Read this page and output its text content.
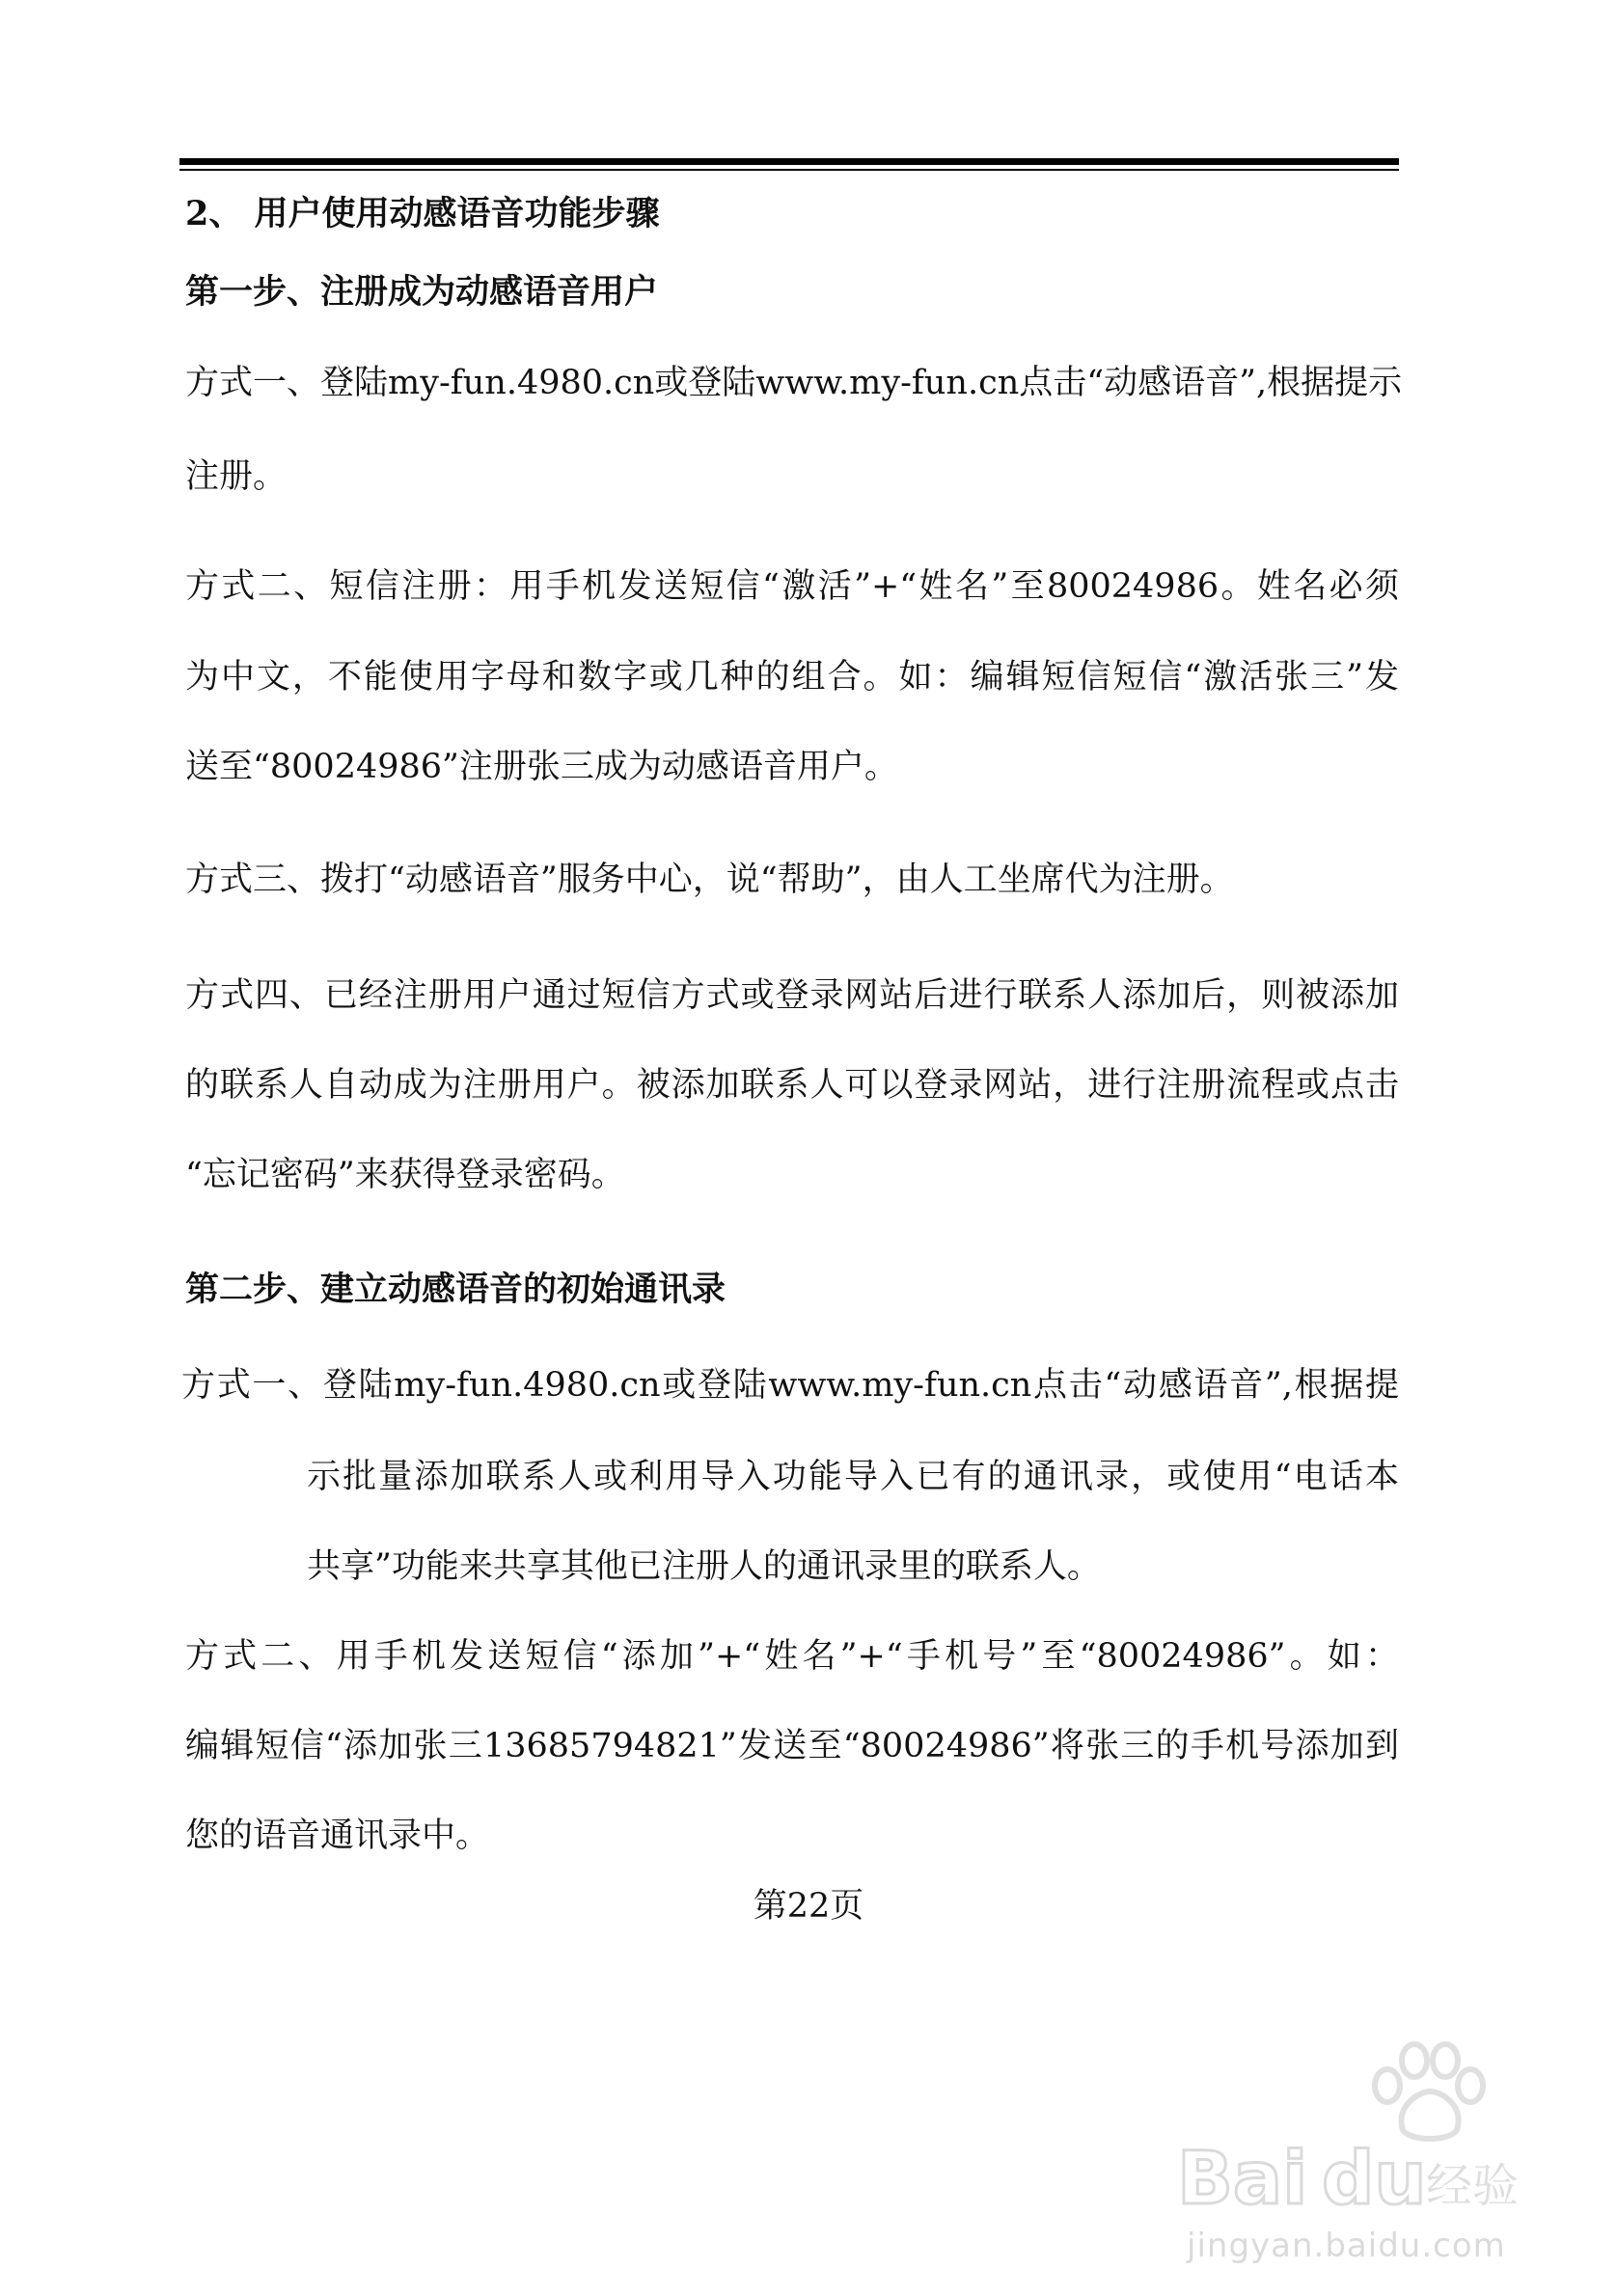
2、 用户使用动感语音功能步骤
第一步、注册成为动感语音用户
方式一、登陆my-fun.4980.cn或登陆www.my-fun.cn点击“动感语音”,根据提示
注册。
方式二、短信注册：用手机发送短信“激活”+“姓名”至80024986。姓名必须
为中文，不能使用字母和数字或几种的组合。如：编辑短信短信“激活张三”发
送至“80024986”注册张三成为动感语音用户。
方式三、拨打“动感语音”服务中心，说“帮助”，由人工坐席代为注册。
方式四、已经注册用户通过短信方式或登录网站后进行联系人添加后，则被添加
的联系人自动成为注册用户。被添加联系人可以登录网站，进行注册流程或点击
“忘记密码”来获得登录密码。
第二步、建立动感语音的初始通讯录
方式一、登陆my-fun.4980.cn或登陆www.my-fun.cn点击“动感语音”,根据提
示批量添加联系人或利用导入功能导入已有的通讯录，或使用“电话本
共享”功能来共享其他已注册人的通讯录里的联系人。
方式二、用手机发送短信“添加”+“姓名”+“手机号”至“80024986”。如：
编辑短信“添加张三13685794821”发送至“80024986”将张三的手机号添加到
您的语音通讯录中。
第22页
Bai du 经验
jingyan.baidu.com
